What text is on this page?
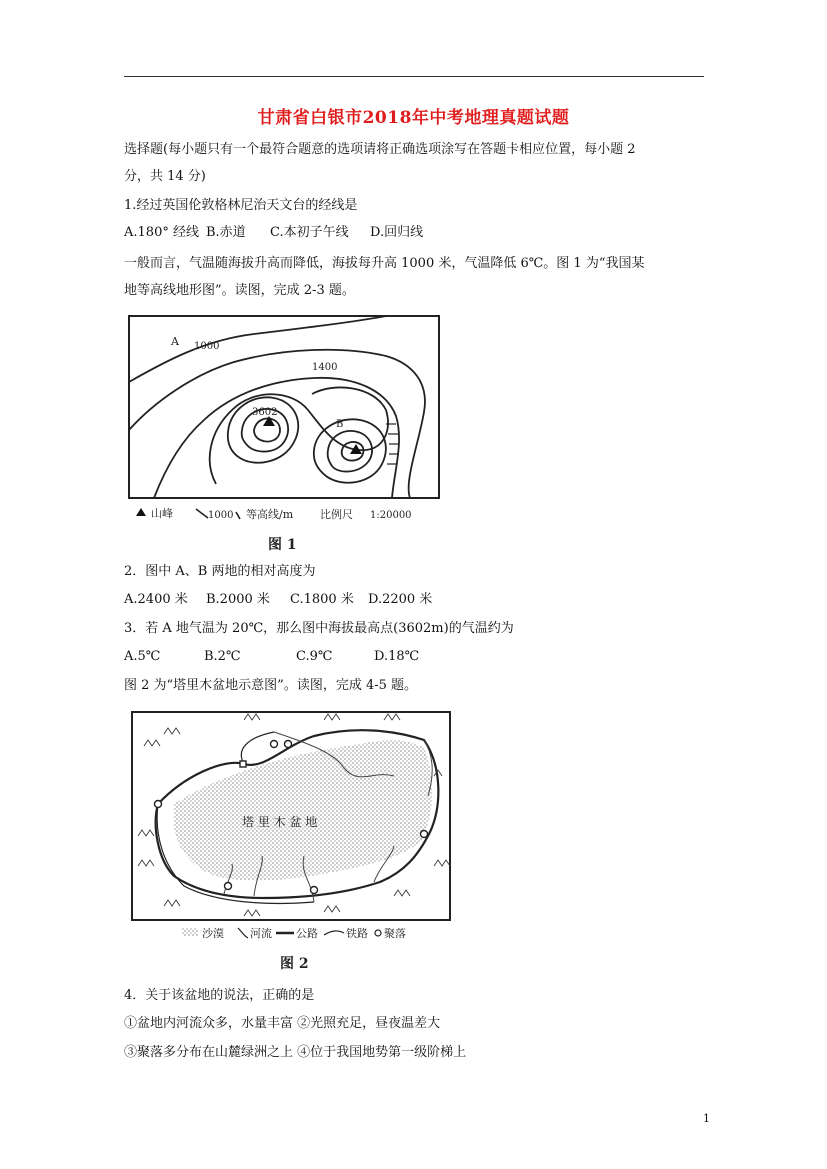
甘肃省白银市2018年中考地理真题试题
选择题(每小题只有一个最符合题意的选项请将正确选项涂写在答题卡相应位置，每小题 2
分，共 14 分)
1.经过英国伦敦格林尼治天文台的经线是
A.180° 经线 B.赤道 C.本初子午线 D.回归线
一般而言，气温随海拔升高而降低，海拔每升高 1000 米，气温降低 6℃。图 1 为“我国某
地等高线地形图”。读图，完成 2-3 题。
A 1000
1400
3602
B
山峰	1000 等高线/m 比例尺 1:20000
图 1
2．图中 A、B 两地的相对高度为
A.2400 米 B.2000 米 C.1800 米 D.2200 米
3．若 A 地气温为 20℃，那么图中海拔最高点(3602m)的气温约为
A.5℃	B.2℃	C.9℃	D.18℃
图 2 为“塔里木盆地示意图”。读图，完成 4-5 题。
塔 里 木 盆 地
沙漠 河流 公路	铁路 聚落
图 2
4．关于该盆地的说法，正确的是
①盆地内河流众多，水量丰富 ②光照充足，昼夜温差大
③聚落多分布在山麓绿洲之上 ④位于我国地势第一级阶梯上
1
